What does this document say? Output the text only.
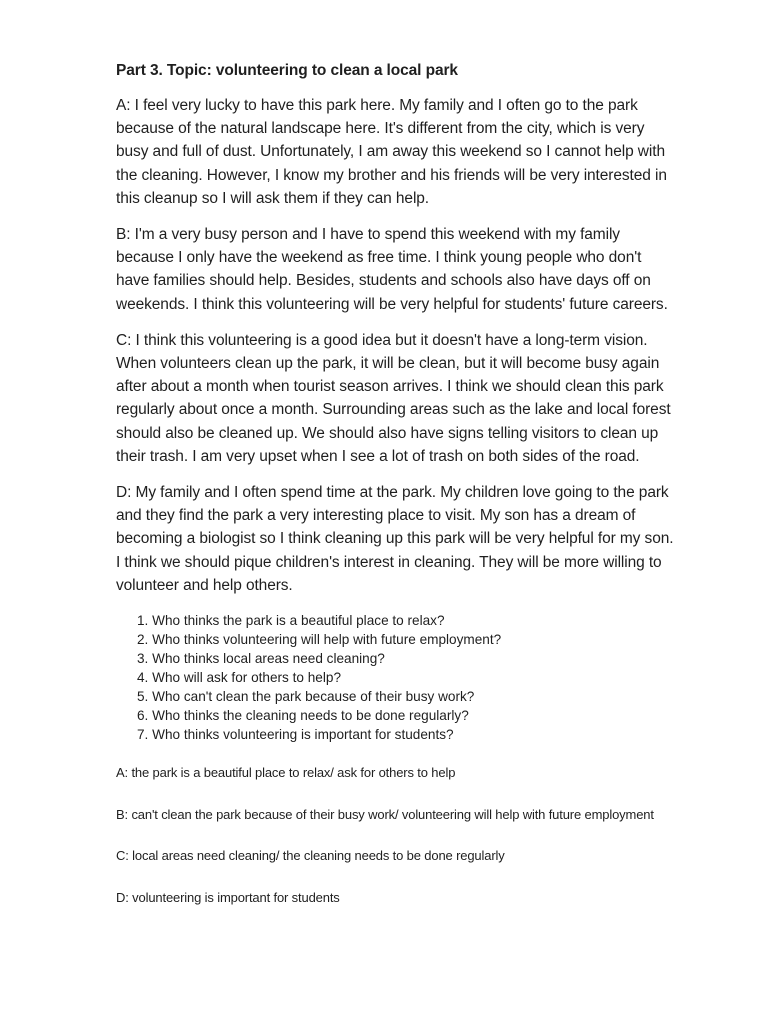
Part 3. Topic: volunteering to clean a local park

A: I feel very lucky to have this park here. My family and I often go to the park because of the natural landscape here. It's different from the city, which is very busy and full of dust. Unfortunately, I am away this weekend so I cannot help with the cleaning. However, I know my brother and his friends will be very interested in this cleanup so I will ask them if they can help.

B: I'm a very busy person and I have to spend this weekend with my family because I only have the weekend as free time. I think young people who don't have families should help. Besides, students and schools also have days off on weekends. I think this volunteering will be very helpful for students' future careers.

C: I think this volunteering is a good idea but it doesn't have a long-term vision. When volunteers clean up the park, it will be clean, but it will become busy again after about a month when tourist season arrives. I think we should clean this park regularly about once a month. Surrounding areas such as the lake and local forest should also be cleaned up. We should also have signs telling visitors to clean up their trash. I am very upset when I see a lot of trash on both sides of the road.

D: My family and I often spend time at the park. My children love going to the park and they find the park a very interesting place to visit. My son has a dream of becoming a biologist so I think cleaning up this park will be very helpful for my son. I think we should pique children's interest in cleaning. They will be more willing to volunteer and help others.

1. Who thinks the park is a beautiful place to relax?
2. Who thinks volunteering will help with future employment?
3. Who thinks local areas need cleaning?
4. Who will ask for others to help?
5. Who can't clean the park because of their busy work?
6. Who thinks the cleaning needs to be done regularly?
7. Who thinks volunteering is important for students?
A: the park is a beautiful place to relax/ ask for others to help
B: can't clean the park because of their busy work/ volunteering will help with future employment
C: local areas need cleaning/ the cleaning needs to be done regularly
D: volunteering is important for students
